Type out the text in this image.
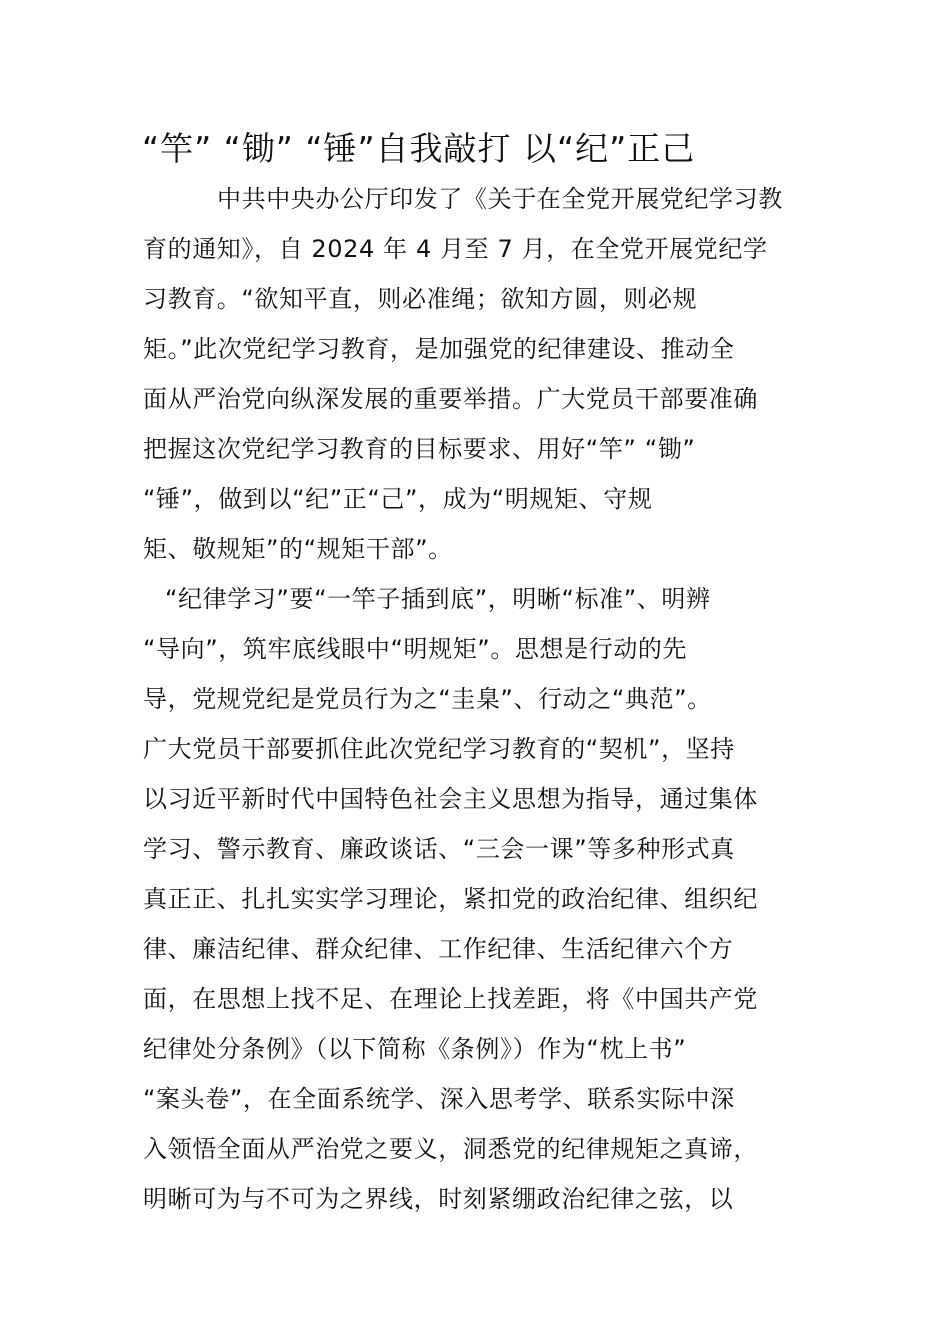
“竿” “锄” “锤”自我敲打 以“纪”正己
中共中央办公厅印发了《关于在全党开展党纪学习教
育的通知》，自 2024 年 4 月至 7 月，在全党开展党纪学
习教育。“欲知平直，则必准绳；欲知方圆，则必规
矩。”此次党纪学习教育，是加强党的纪律建设、推动全
面从严治党向纵深发展的重要举措。广大党员干部要准确
把握这次党纪学习教育的目标要求、用好“竿” “锄”
“锤”，做到以“纪”正“己”，成为“明规矩、守规
矩、敬规矩”的“规矩干部”。
“纪律学习”要“一竿子插到底”，明晰“标准”、明辨
“导向”，筑牢底线眼中“明规矩”。思想是行动的先
导，党规党纪是党员行为之“圭臬”、行动之“典范”。
广大党员干部要抓住此次党纪学习教育的“契机”，坚持
以习近平新时代中国特色社会主义思想为指导，通过集体
学习、警示教育、廉政谈话、“三会一课”等多种形式真
真正正、扎扎实实学习理论，紧扣党的政治纪律、组织纪
律、廉洁纪律、群众纪律、工作纪律、生活纪律六个方
面，在思想上找不足、在理论上找差距，将《中国共产党
纪律处分条例》（以下简称《条例》）作为“枕上书”
“案头卷”，在全面系统学、深入思考学、联系实际中深
入领悟全面从严治党之要义，洞悉党的纪律规矩之真谛，
明晰可为与不可为之界线，时刻紧绷政治纪律之弦，以
